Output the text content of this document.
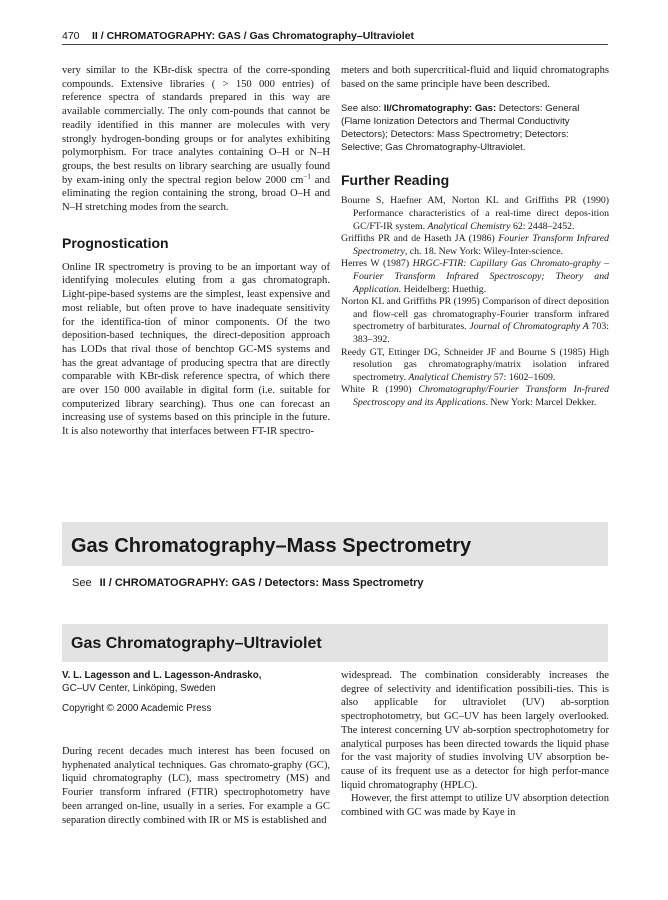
470 II / CHROMATOGRAPHY: GAS / Gas Chromatography–Ultraviolet

very similar to the KBr-disk spectra of the corre-sponding compounds. Extensive libraries ( > 150 000 entries) of reference spectra of standards prepared in this way are available commercially. The only com-pounds that cannot be readily identified in this manner are molecules with very strongly hydrogen-bonding groups or for analytes exhibiting polymorphism. For trace analytes containing O–H or N–H groups, the best results on library searching are usually found by exam-ining only the spectral region below 2000 $cm^{-1}$ and eliminating the region containing the strong, broad O–H and N–H stretching modes from the search.

Prognostication

Online IR spectrometry is proving to be an important way of identifying molecules eluting from a gas chromatograph. Light-pipe-based systems are the simplest, least expensive and most reliable, but often prove to have inadequate sensitivity for the identifica-tion of minor components. Of the two deposition-based techniques, the direct-deposition approach has LODs that rival those of benchtop GC-MS systems and has the great advantage of producing spectra that are directly comparable with KBr-disk reference spectra, of which there are over 150 000 available in digital form (i.e. suitable for computerized library searching). Thus one can forecast an increasing use of systems based on this principle in the future. It is also noteworthy that interfaces between FT-IR spectro-

meters and both supercritical-fluid and liquid chromatographs based on the same principle have been described.

See also: II/Chromatography: Gas: Detectors: General (Flame Ionization Detectors and Thermal Conductivity Detectors); Detectors: Mass Spectrometry; Detectors: Selective; Gas Chromatography-Ultraviolet.

Further Reading

Bourne S, Haefner AM, Norton KL and Griffiths PR (1990) Performance characteristics of a real-time direct depos-ition GC/FT-IR system. Analytical Chemistry 62: 2448–2452.

Griffiths PR and de Haseth JA (1986) Fourier Transform Infrared Spectrometry, ch. 18. New York: Wiley-Inter-science.

Herres W (1987) HRGC-FTIR: Capillary Gas Chromato-graphy – Fourier Transform Infrared Spectroscopy; Theory and Application. Heidelberg: Huethig.

Norton KL and Griffiths PR (1995) Comparison of direct deposition and flow-cell gas chromatography-Fourier transform infrared spectrometry of barbiturates. Journal of Chromatography A 703: 383–392.

Reedy GT, Ettinger DG, Schneider JF and Bourne S (1985) High resolution gas chromatography/matrix isolation infrared spectrometry. Analytical Chemistry 57: 1602–1609.

White R (1990) Chromatography/Fourier Transform In-frared Spectroscopy and its Applications. New York: Marcel Dekker.

Gas Chromatography–Mass Spectrometry
See II / CHROMATOGRAPHY: GAS / Detectors: Mass Spectrometry
Gas Chromatography–Ultraviolet
V. L. Lagesson and L. Lagesson-Andrasko,
GC–UV Center, Linköping, Sweden
Copyright © 2000 Academic Press

During recent decades much interest has been focused on hyphenated analytical techniques. Gas chromato-graphy (GC), liquid chromatography (LC), mass spectrometry (MS) and Fourier transform infrared (FTIR) spectrophotometry have been arranged on-line, usually in a series. For example a GC separation directly combined with IR or MS is established and

widespread. The combination considerably increases the degree of selectivity and identification possibili-ties. This is also applicable for ultraviolet (UV) ab-sorption spectrophotometry, but GC–UV has been largely overlooked. The interest concerning UV ab-sorption spectrophotometry for analytical purposes has been directed towards the liquid phase for the vast majority of studies involving UV absorption be-cause of its frequent use as a detector for high perfor-mance liquid chromatography (HPLC).

However, the first attempt to utilize UV absorption detection combined with GC was made by Kaye in
